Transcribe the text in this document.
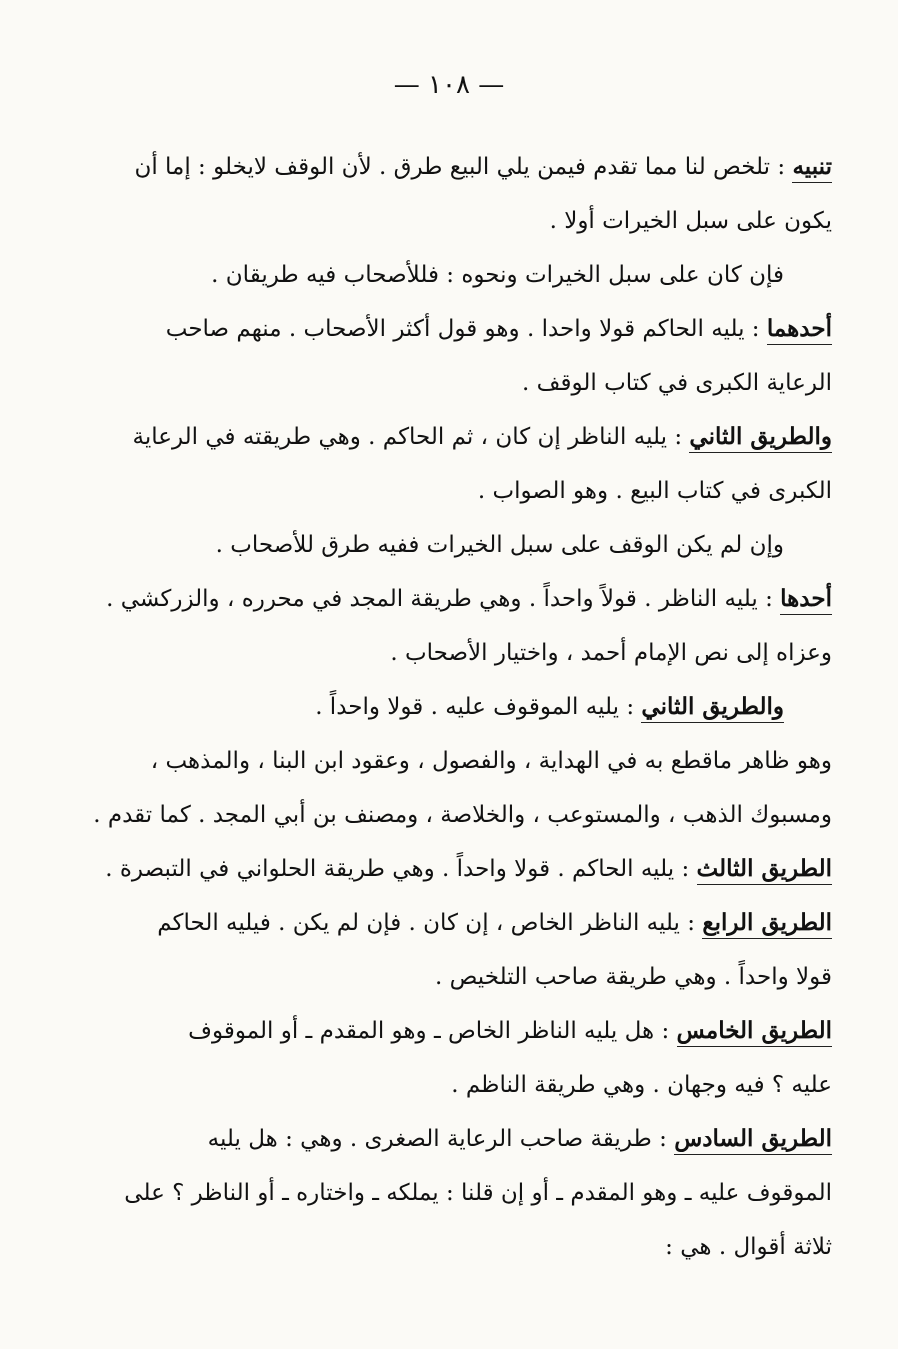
— ١٠٨ —
تنبيه : تلخص لنا مما تقدم فيمن يلي البيع طرق . لأن الوقف لايخلو : إما أن
يكون على سبل الخيرات أولا .
فإن كان على سبل الخيرات ونحوه : فللأصحاب فيه طريقان .
أحدهما : يليه الحاكم قولا واحدا . وهو قول أكثر الأصحاب . منهم صاحب
الرعاية الكبرى في كتاب الوقف .
والطريق الثاني : يليه الناظر إن كان ، ثم الحاكم . وهي طريقته في الرعاية
الكبرى في كتاب البيع . وهو الصواب .
وإن لم يكن الوقف على سبل الخيرات ففيه طرق للأصحاب .
أحدها : يليه الناظر . قولاً واحداً . وهي طريقة المجد في محرره ، والزركشي .
وعزاه إلى نص الإمام أحمد ، واختيار الأصحاب .
والطريق الثاني : يليه الموقوف عليه . قولا واحداً .
وهو ظاهر ماقطع به في الهداية ، والفصول ، وعقود ابن البنا ، والمذهب ،
ومسبوك الذهب ، والمستوعب ، والخلاصة ، ومصنف بن أبي المجد . كما تقدم .
الطريق الثالث : يليه الحاكم . قولا واحداً . وهي طريقة الحلواني في التبصرة .
الطريق الرابع : يليه الناظر الخاص ، إن كان . فإن لم يكن . فيليه الحاكم
قولا واحداً . وهي طريقة صاحب التلخيص .
الطريق الخامس : هل يليه الناظر الخاص ـ وهو المقدم ـ أو الموقوف
عليه ؟ فيه وجهان . وهي طريقة الناظم .
الطريق السادس : طريقة صاحب الرعاية الصغرى . وهي : هل يليه
الموقوف عليه ـ وهو المقدم ـ أو إن قلنا : يملكه ـ واختاره ـ أو الناظر ؟ على
ثلاثة أقوال . هي :
